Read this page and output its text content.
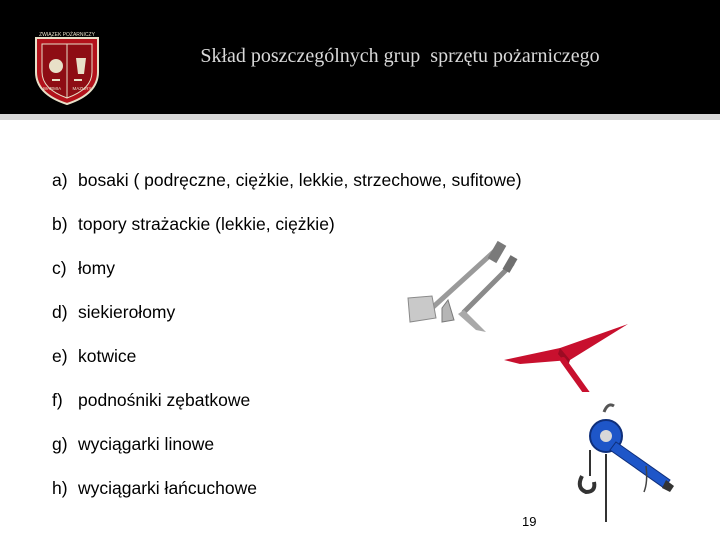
ZWIĄZEK POŻARNICZY
WARMIA	MAZURY
Skład poszczególnych grup  sprzętu pożarniczego
a) bosaki ( podręczne, ciężkie, lekkie, strzechowe, sufitowe)
b) topory strażackie (lekkie, ciężkie)
c) łomy
d) siekierołomy
e) kotwice
f) podnośniki zębatkowe
g) wyciągarki linowe
h) wyciągarki łańcuchowe
19
